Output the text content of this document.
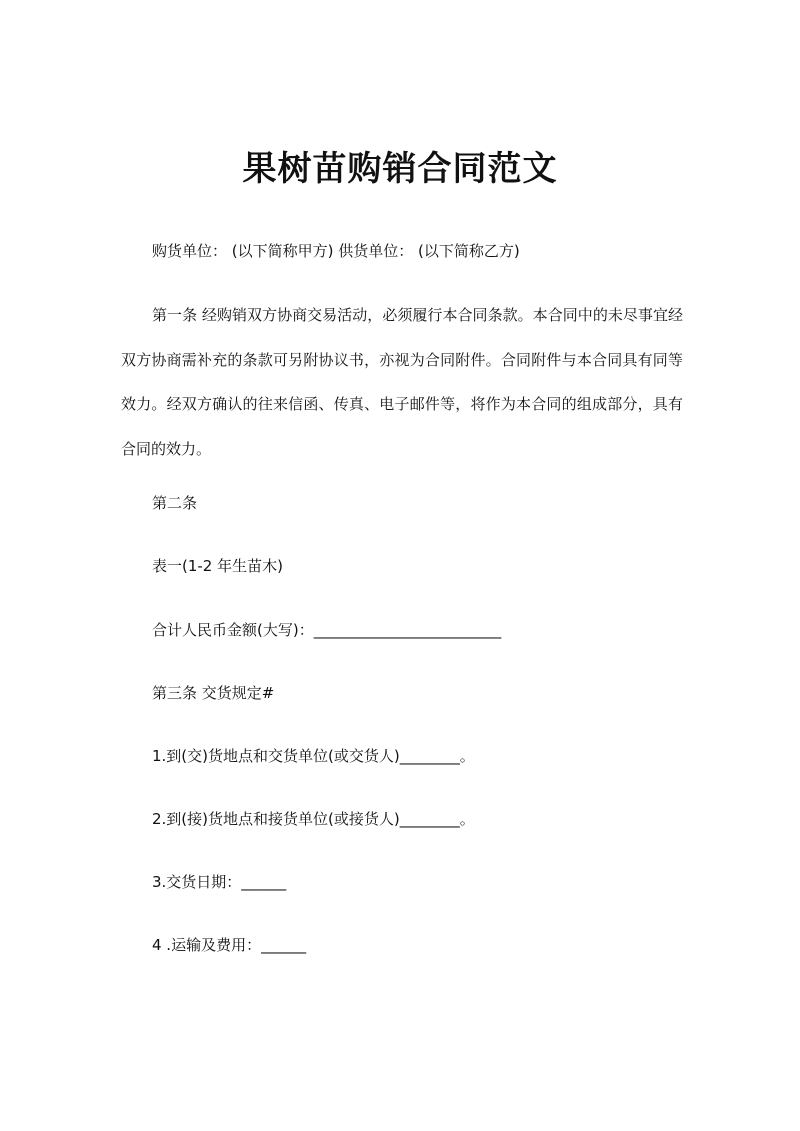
果树苗购销合同范文

购货单位： (以下简称甲方) 供货单位： (以下简称乙方)

第一条 经购销双方协商交易活动，必须履行本合同条款。本合同中的未尽事宜经双方协商需补充的条款可另附协议书，亦视为合同附件。合同附件与本合同具有同等效力。经双方确认的往来信函、传真、电子邮件等，将作为本合同的组成部分，具有合同的效力。

第二条

表一(1-2 年生苗木)

合计人民币金额(大写)：_________________________

第三条 交货规定#

1.到(交)货地点和交货单位(或交货人)________。

2.到(接)货地点和接货单位(或接货人)________。

3.交货日期：______

4 .运输及费用：______
